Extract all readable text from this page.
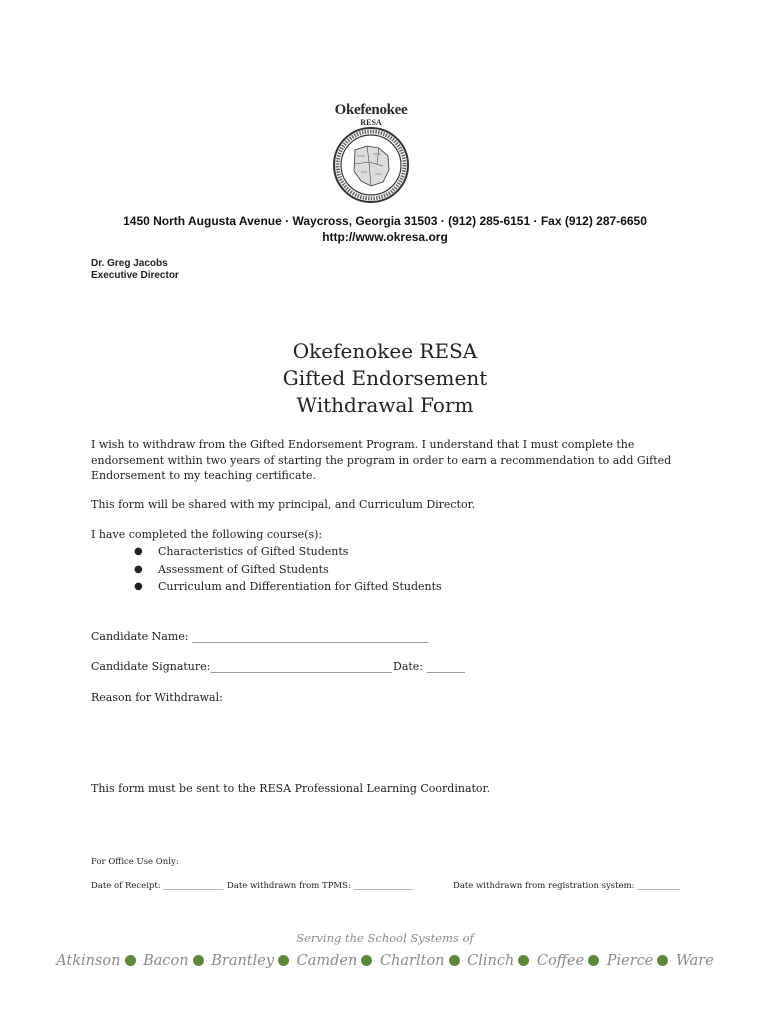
Okefenokee
RESA
1450 North Augusta Avenue · Waycross, Georgia 31503 · (912) 285-6151 · Fax (912) 287-6650
http://www.okresa.org
Dr. Greg Jacobs
Executive Director
Okefenokee RESA
Gifted Endorsement
Withdrawal Form
I wish to withdraw from the Gifted Endorsement Program. I understand that I must complete the
endorsement within two years of starting the program in order to earn a recommendation to add Gifted
Endorsement to my teaching certificate.
This form will be shared with my principal, and Curriculum Director.
I have completed the following course(s):
● Characteristics of Gifted Students
● Assessment of Gifted Students
● Curriculum and Differentiation for Gifted Students
Candidate Name: ___________________________________________
Candidate Signature:_________________________________ Date: _______
Reason for Withdrawal:
This form must be sent to the RESA Professional Learning Coordinator.
For Office Use Only:
Date of Receipt: ______________ Date withdrawn from TPMS: ______________	Date withdrawn from registration system: __________
Serving the School Systems of
Atkinson Bacon Brantley Camden Charlton Clinch Coffee Pierce Ware
